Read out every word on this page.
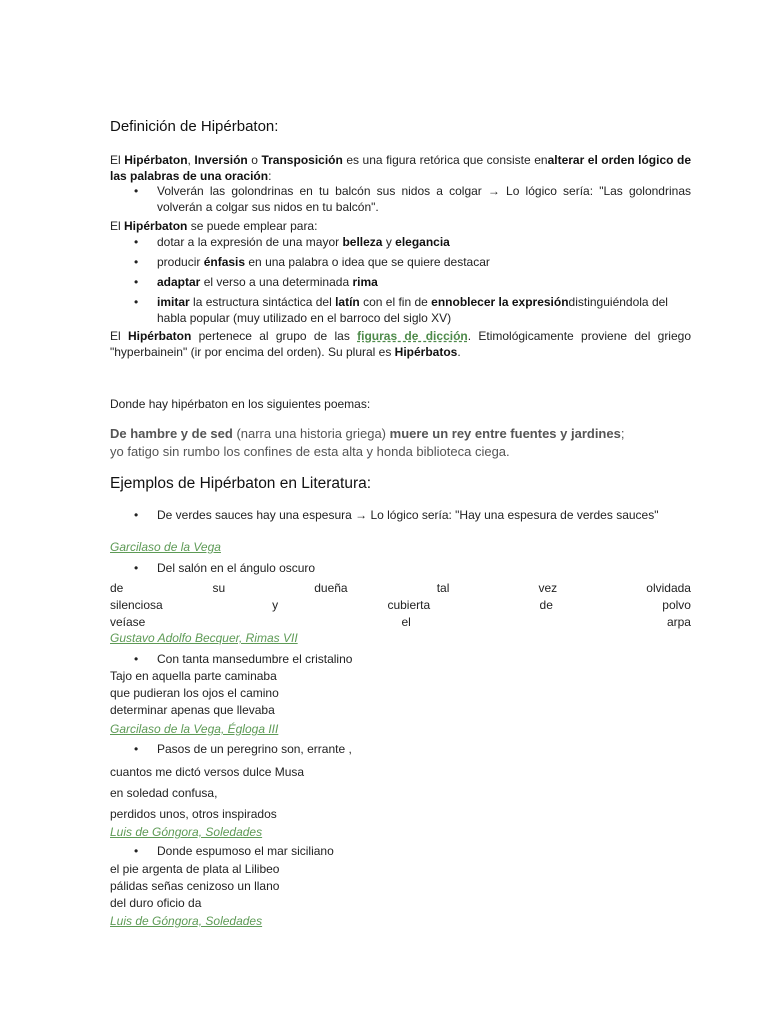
Definición de Hipérbaton:

El Hipérbaton, Inversión o Transposición es una figura retórica que consiste enalterar el orden lógico de las palabras de una oración:

• Volverán las golondrinas en tu balcón sus nidos a colgar → Lo lógico sería: "Las golondrinas volverán a colgar sus nidos en tu balcón".

El Hipérbaton se puede emplear para:

• dotar a la expresión de una mayor belleza y elegancia
• producir énfasis en una palabra o idea que se quiere destacar
• adaptar el verso a una determinada rima
• imitar la estructura sintáctica del latín con el fin de ennoblecer la expresióndistinguiéndola del habla popular (muy utilizado en el barroco del siglo XV)

El Hipérbaton pertenece al grupo de las figuras de dicción. Etimológicamente proviene del griego "hyperbainein" (ir por encima del orden). Su plural es Hipérbatos.

Donde hay hipérbaton en los siguientes poemas:

De hambre y de sed (narra una historia griega) muere un rey entre fuentes y jardines; yo fatigo sin rumbo los confines de esta alta y honda biblioteca ciega.

Ejemplos de Hipérbaton en Literatura:
• De verdes sauces hay una espesura → Lo lógico sería: "Hay una espesura de verdes sauces"
Garcilaso de la Vega
• Del salón en el ángulo oscuro
de	su	dueña	tal	vez	olvidada
silenciosa	y	cubierta	de	polvo
veíase	el	arpa
Gustavo Adolfo Becquer, Rimas VII
• Con tanta mansedumbre el cristalino
Tajo en aquella parte caminaba
que pudieran los ojos el camino
determinar apenas que llevaba
Garcilaso de la Vega, Égloga III
• Pasos de un peregrino son, errante ,
cuantos me dictó versos dulce Musa
en soledad confusa,
perdidos unos, otros inspirados
Luis de Góngora, Soledades
• Donde espumoso el mar siciliano
el pie argenta de plata al Lilibeo
pálidas señas cenizoso un llano
del duro oficio da
Luis de Góngora, Soledades
